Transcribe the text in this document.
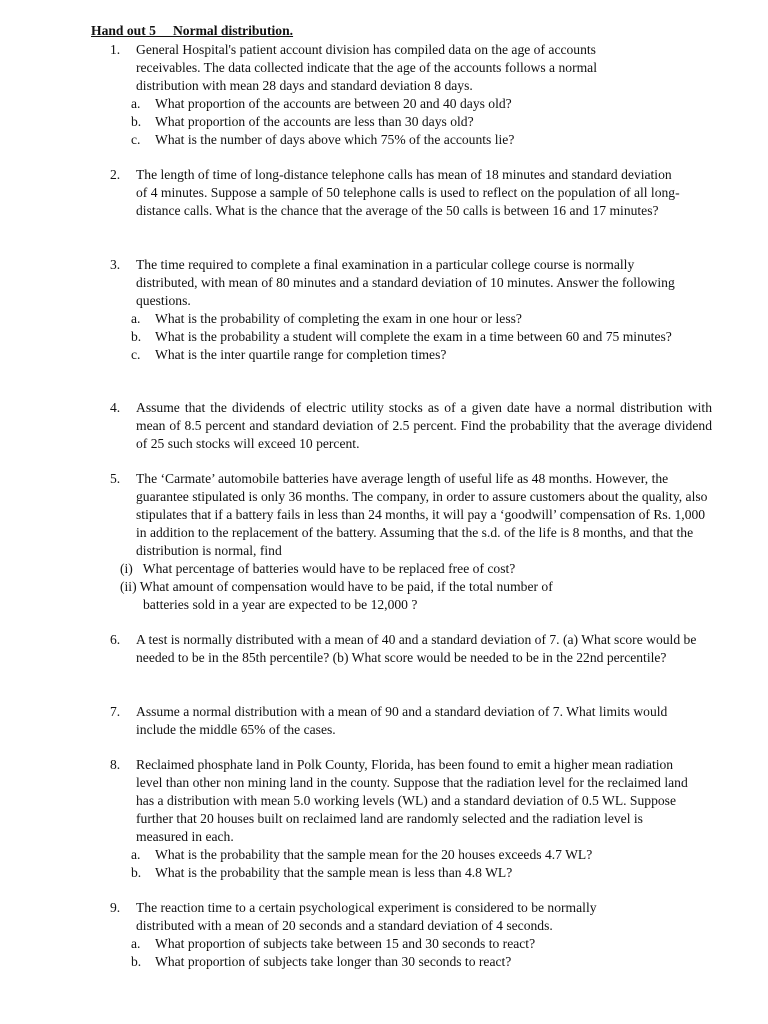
Hand out 5     Normal distribution.
1.	General Hospital's patient account division has compiled data on the age of accounts receivables. The data collected indicate that the age of the accounts follows a normal distribution with mean 28 days and standard deviation 8 days.
a. What proportion of the accounts are between 20 and 40 days old?
b. What proportion of the accounts are less than 30 days old?
c. What is the number of days above which 75% of the accounts lie?
2.	The length of time of long-distance telephone calls has mean of 18 minutes and standard deviation of 4 minutes. Suppose a sample of 50 telephone calls is used to reflect on the population of all long-distance calls. What is the chance that the average of the 50 calls is between 16 and 17 minutes?
3.	The time required to complete a final examination in a particular college course is normally distributed, with mean of 80 minutes and a standard deviation of 10 minutes. Answer the following questions.
a. What is the probability of completing the exam in one hour or less?
b. What is the probability a student will complete the exam in a time between 60 and 75 minutes?
c. What is the inter quartile range for completion times?
4.	Assume that the dividends of electric utility stocks as of a given date have a normal distribution with mean of 8.5 percent and standard deviation of 2.5 percent. Find the probability that the average dividend of 25 such stocks will exceed 10 percent.
5.	The ‘Carmate’ automobile batteries have average length of useful life as 48 months. However, the guarantee stipulated is only 36 months. The company, in order to assure customers about the quality, also stipulates that if a battery fails in less than 24 months, it will pay a ‘goodwill’ compensation of Rs. 1,000 in addition to the replacement of the battery. Assuming that the s.d. of the life is 8 months, and that the distribution is normal, find
(i) What percentage of batteries would have to be replaced free of cost?
(ii) What amount of compensation would have to be paid, if the total number of
batteries sold in a year are expected to be 12,000 ?
6.	A test is normally distributed with a mean of 40 and a standard deviation of 7. (a) What score would be needed to be in the 85th percentile? (b) What score would be needed to be in the 22nd percentile?
7.	Assume a normal distribution with a mean of 90 and a standard deviation of 7. What limits would include the middle 65% of the cases.
8.	Reclaimed phosphate land in Polk County, Florida, has been found to emit a higher mean radiation level than other non mining land in the county. Suppose that the radiation level for the reclaimed land has a distribution with mean 5.0 working levels (WL) and a standard deviation of 0.5 WL. Suppose further that 20 houses built on reclaimed land are randomly selected and the radiation level is measured in each.
a. What is the probability that the sample mean for the 20 houses exceeds 4.7 WL?
b. What is the probability that the sample mean is less than 4.8 WL?
9.	The reaction time to a certain psychological experiment is considered to be normally distributed with a mean of 20 seconds and a standard deviation of 4 seconds.
a. What proportion of subjects take between 15 and 30 seconds to react?
b. What proportion of subjects take longer than 30 seconds to react?
